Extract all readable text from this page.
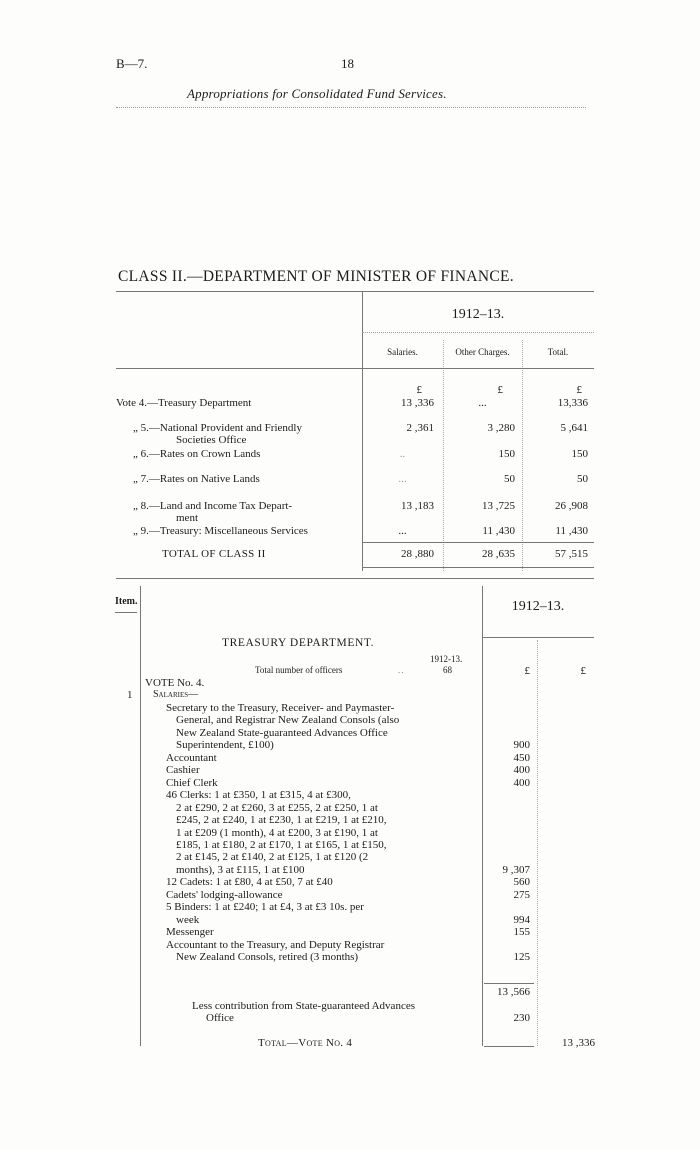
B—7.	18
Appropriations for Consolidated Fund Services.
CLASS II.—DEPARTMENT OF MINISTER OF FINANCE.
1912–13.
Salaries.	Other Charges.	Total.
£	£	£
Vote 4.—Treasury Department	13 ,336	...	13,336
„ 5.—National Provident and Friendly
Societies Office
2 ,361	3 ,280	5 ,641
„ 6.—Rates on Crown Lands	..	150	150
„ 7.—Rates on Native Lands	...	50	50
„ 8.—Land and Income Tax Depart-
ment
13 ,183	13 ,725	26 ,908
„ 9.—Treasury: Miscellaneous Services	...	11 ,430	11 ,430
TOTAL OF CLASS II	28 ,880	28 ,635	57 ,515
Item.	1912–13.
TREASURY DEPARTMENT.
1912-13.
Total number of officers	..	68	£	£
VOTE No. 4.
1 Salaries—
Secretary to the Treasury, Receiver- and Paymaster-
General, and Registrar New Zealand Consols (also
New Zealand State-guaranteed Advances Office
Superintendent, £100)	900
Accountant	450
Cashier	400
Chief Clerk	400
46 Clerks: 1 at £350, 1 at £315, 4 at £300,
2 at £290, 2 at £260, 3 at £255, 2 at £250, 1 at
£245, 2 at £240, 1 at £230, 1 at £219, 1 at £210,
1 at £209 (1 month), 4 at £200, 3 at £190, 1 at
£185, 1 at £180, 2 at £170, 1 at £165, 1 at £150,
2 at £145, 2 at £140, 2 at £125, 1 at £120 (2
months), 3 at £115, 1 at £100	9 ,307
12 Cadets: 1 at £80, 4 at £50, 7 at £40	560
Cadets' lodging-allowance	275
5 Binders: 1 at £240; 1 at £4, 3 at £3 10s. per
week	994
Messenger	155
Accountant to the Treasury, and Deputy Registrar
New Zealand Consols, retired (3 months)	125
13 ,566
Less contribution from State-guaranteed Advances
Office	230
Total—Vote No. 4	13 ,336
